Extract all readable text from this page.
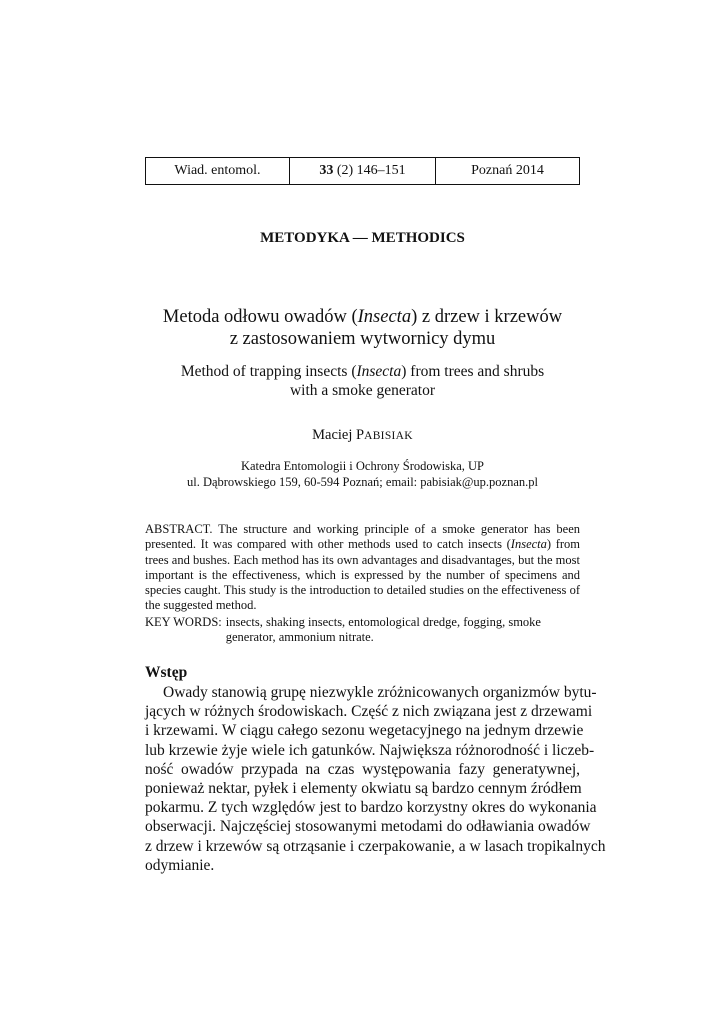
Wiad. entomol.	33 (2) 146–151	Poznań 2014
METODYKA — METHODICS
Metoda odłowu owadów (Insecta) z drzew i krzewów
z zastosowaniem wytwornicy dymu
Method of trapping insects (Insecta) from trees and shrubs
with a smoke generator
Maciej PABISIAK
Katedra Entomologii i Ochrony Środowiska, UP
ul. Dąbrowskiego 159, 60-594 Poznań; email: pabisiak@up.poznan.pl
ABSTRACT. The structure and working principle of a smoke generator has been presented. It was compared with other methods used to catch insects (Insecta) from trees and bushes. Each method has its own advantages and disadvantages, but the most important is the effectiveness, which is expressed by the number of specimens and species caught. This study is the introduction to detailed studies on the effectiveness of the suggested method.
KEY WORDS: insects, shaking insects, entomological dredge, fogging, smoke generator, ammonium nitrate.
Wstęp
Owady stanowią grupę niezwykle zróżnicowanych organizmów bytu-
jących w różnych środowiskach. Część z nich związana jest z drzewami
i krzewami. W ciągu całego sezonu wegetacyjnego na jednym drzewie
lub krzewie żyje wiele ich gatunków. Największa różnorodność i liczeb-
ność owadów przypada na czas występowania fazy generatywnej,
ponieważ nektar, pyłek i elementy okwiatu są bardzo cennym źródłem
pokarmu. Z tych względów jest to bardzo korzystny okres do wykonania
obserwacji. Najczęściej stosowanymi metodami do odławiania owadów
z drzew i krzewów są otrząsanie i czerpakowanie, a w lasach tropikalnych
odymianie.
